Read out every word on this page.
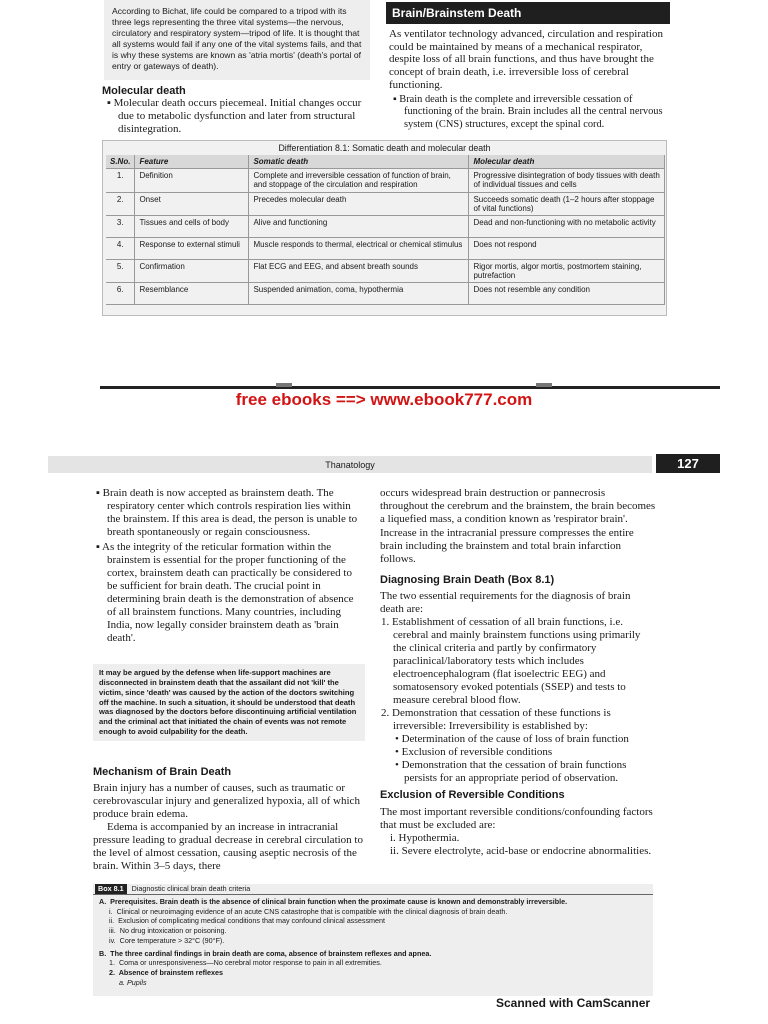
According to Bichat, life could be compared to a tripod with its three legs representing the three vital systems—the nervous, circulatory and respiratory system—tripod of life. It is thought that all systems would fail if any one of the vital systems fails, and that is why these systems are known as 'atria mortis' (death's portal of entry or gateways of death).
Molecular death

▪ Molecular death occurs piecemeal. Initial changes occur due to metabolic dysfunction and later from structural disintegration.

Brain/Brainstem Death

As ventilator technology advanced, circulation and respiration could be maintained by means of a mechanical respirator, despite loss of all brain functions, and thus have brought the concept of brain death, i.e. irreversible loss of cerebral functioning.

▪ Brain death is the complete and irreversible cessation of functioning of the brain. Brain includes all the central nervous system (CNS) structures, except the spinal cord.

Differentiation 8.1: Somatic death and molecular death
S.No.	Feature	Somatic death	Molecular death
1.	Definition	Complete and irreversible cessation of function of brain, and stoppage of the circulation and respiration	Progressive disintegration of body tissues with death of individual tissues and cells
2.	Onset	Precedes molecular death	Succeeds somatic death (1–2 hours after stoppage of vital functions)
3.	Tissues and cells of body	Alive and functioning	Dead and non-functioning with no metabolic activity
4.	Response to external stimuli	Muscle responds to thermal, electrical or chemical stimulus	Does not respond
5.	Confirmation	Flat ECG and EEG, and absent breath sounds	Rigor mortis, algor mortis, postmortem staining, putrefaction
6.	Resemblance	Suspended animation, coma, hypothermia	Does not resemble any condition
free ebooks ==> www.ebook777.com
Thanatology	127

▪ Brain death is now accepted as brainstem death. The respiratory center which controls respiration lies within the brainstem. If this area is dead, the person is unable to breath spontaneously or regain consciousness.

▪ As the integrity of the reticular formation within the brainstem is essential for the proper functioning of the cortex, brainstem death can practically be considered to be sufficient for brain death. The crucial point in determining brain death is the demonstration of absence of all brainstem functions. Many countries, including India, now legally consider brainstem death as 'brain death'.

It may be argued by the defense when life-support machines are disconnected in brainstem death that the assailant did not 'kill' the victim, since 'death' was caused by the action of the doctors switching off the machine. In such a situation, it should be understood that death was diagnosed by the doctors before discontinuing artificial ventilation and the criminal act that initiated the chain of events was not remote enough to avoid culpability for the death.
Mechanism of Brain Death

Brain injury has a number of causes, such as traumatic or cerebrovascular injury and generalized hypoxia, all of which produce brain edema.

Edema is accompanied by an increase in intracranial pressure leading to gradual decrease in cerebral circulation to the level of almost cessation, causing aseptic necrosis of the brain. Within 3–5 days, there

occurs widespread brain destruction or pannecrosis throughout the cerebrum and the brainstem, the brain becomes a liquefied mass, a condition known as 'respirator brain'. Increase in the intracranial pressure compresses the entire brain including the brainstem and total brain infarction follows.

Diagnosing Brain Death (Box 8.1)

The two essential requirements for the diagnosis of brain death are:

1. Establishment of cessation of all brain functions, i.e. cerebral and mainly brainstem functions using primarily the clinical criteria and partly by confirmatory paraclinical/laboratory tests which includes electroencephalogram (flat isoelectric EEG) and somatosensory evoked potentials (SSEP) and tests to measure cerebral blood flow.

2. Demonstration that cessation of these functions is irreversible: Irreversibility is established by:

• Determination of the cause of loss of brain function

• Exclusion of reversible conditions

• Demonstration that the cessation of brain functions persists for an appropriate period of observation.

Exclusion of Reversible Conditions

The most important reversible conditions/confounding factors that must be excluded are:

i. Hypothermia.

ii. Severe electrolyte, acid-base or endocrine abnormalities.

Box 8.1 Diagnostic clinical brain death criteria
A.  Prerequisites. Brain death is the absence of clinical brain function when the proximate cause is known and demonstrably irreversible.
i.  Clinical or neuroimaging evidence of an acute CNS catastrophe that is compatible with the clinical diagnosis of brain death.
ii.  Exclusion of complicating medical conditions that may confound clinical assessment
iii.  No drug intoxication or poisoning.
iv.  Core temperature > 32°C (90°F).
B.  The three cardinal findings in brain death are coma, absence of brainstem reflexes and apnea.
1.  Coma or unresponsiveness—No cerebral motor response to pain in all extremities.
2.  Absence of brainstem reflexes
a. Pupils
Scanned with CamScanner
